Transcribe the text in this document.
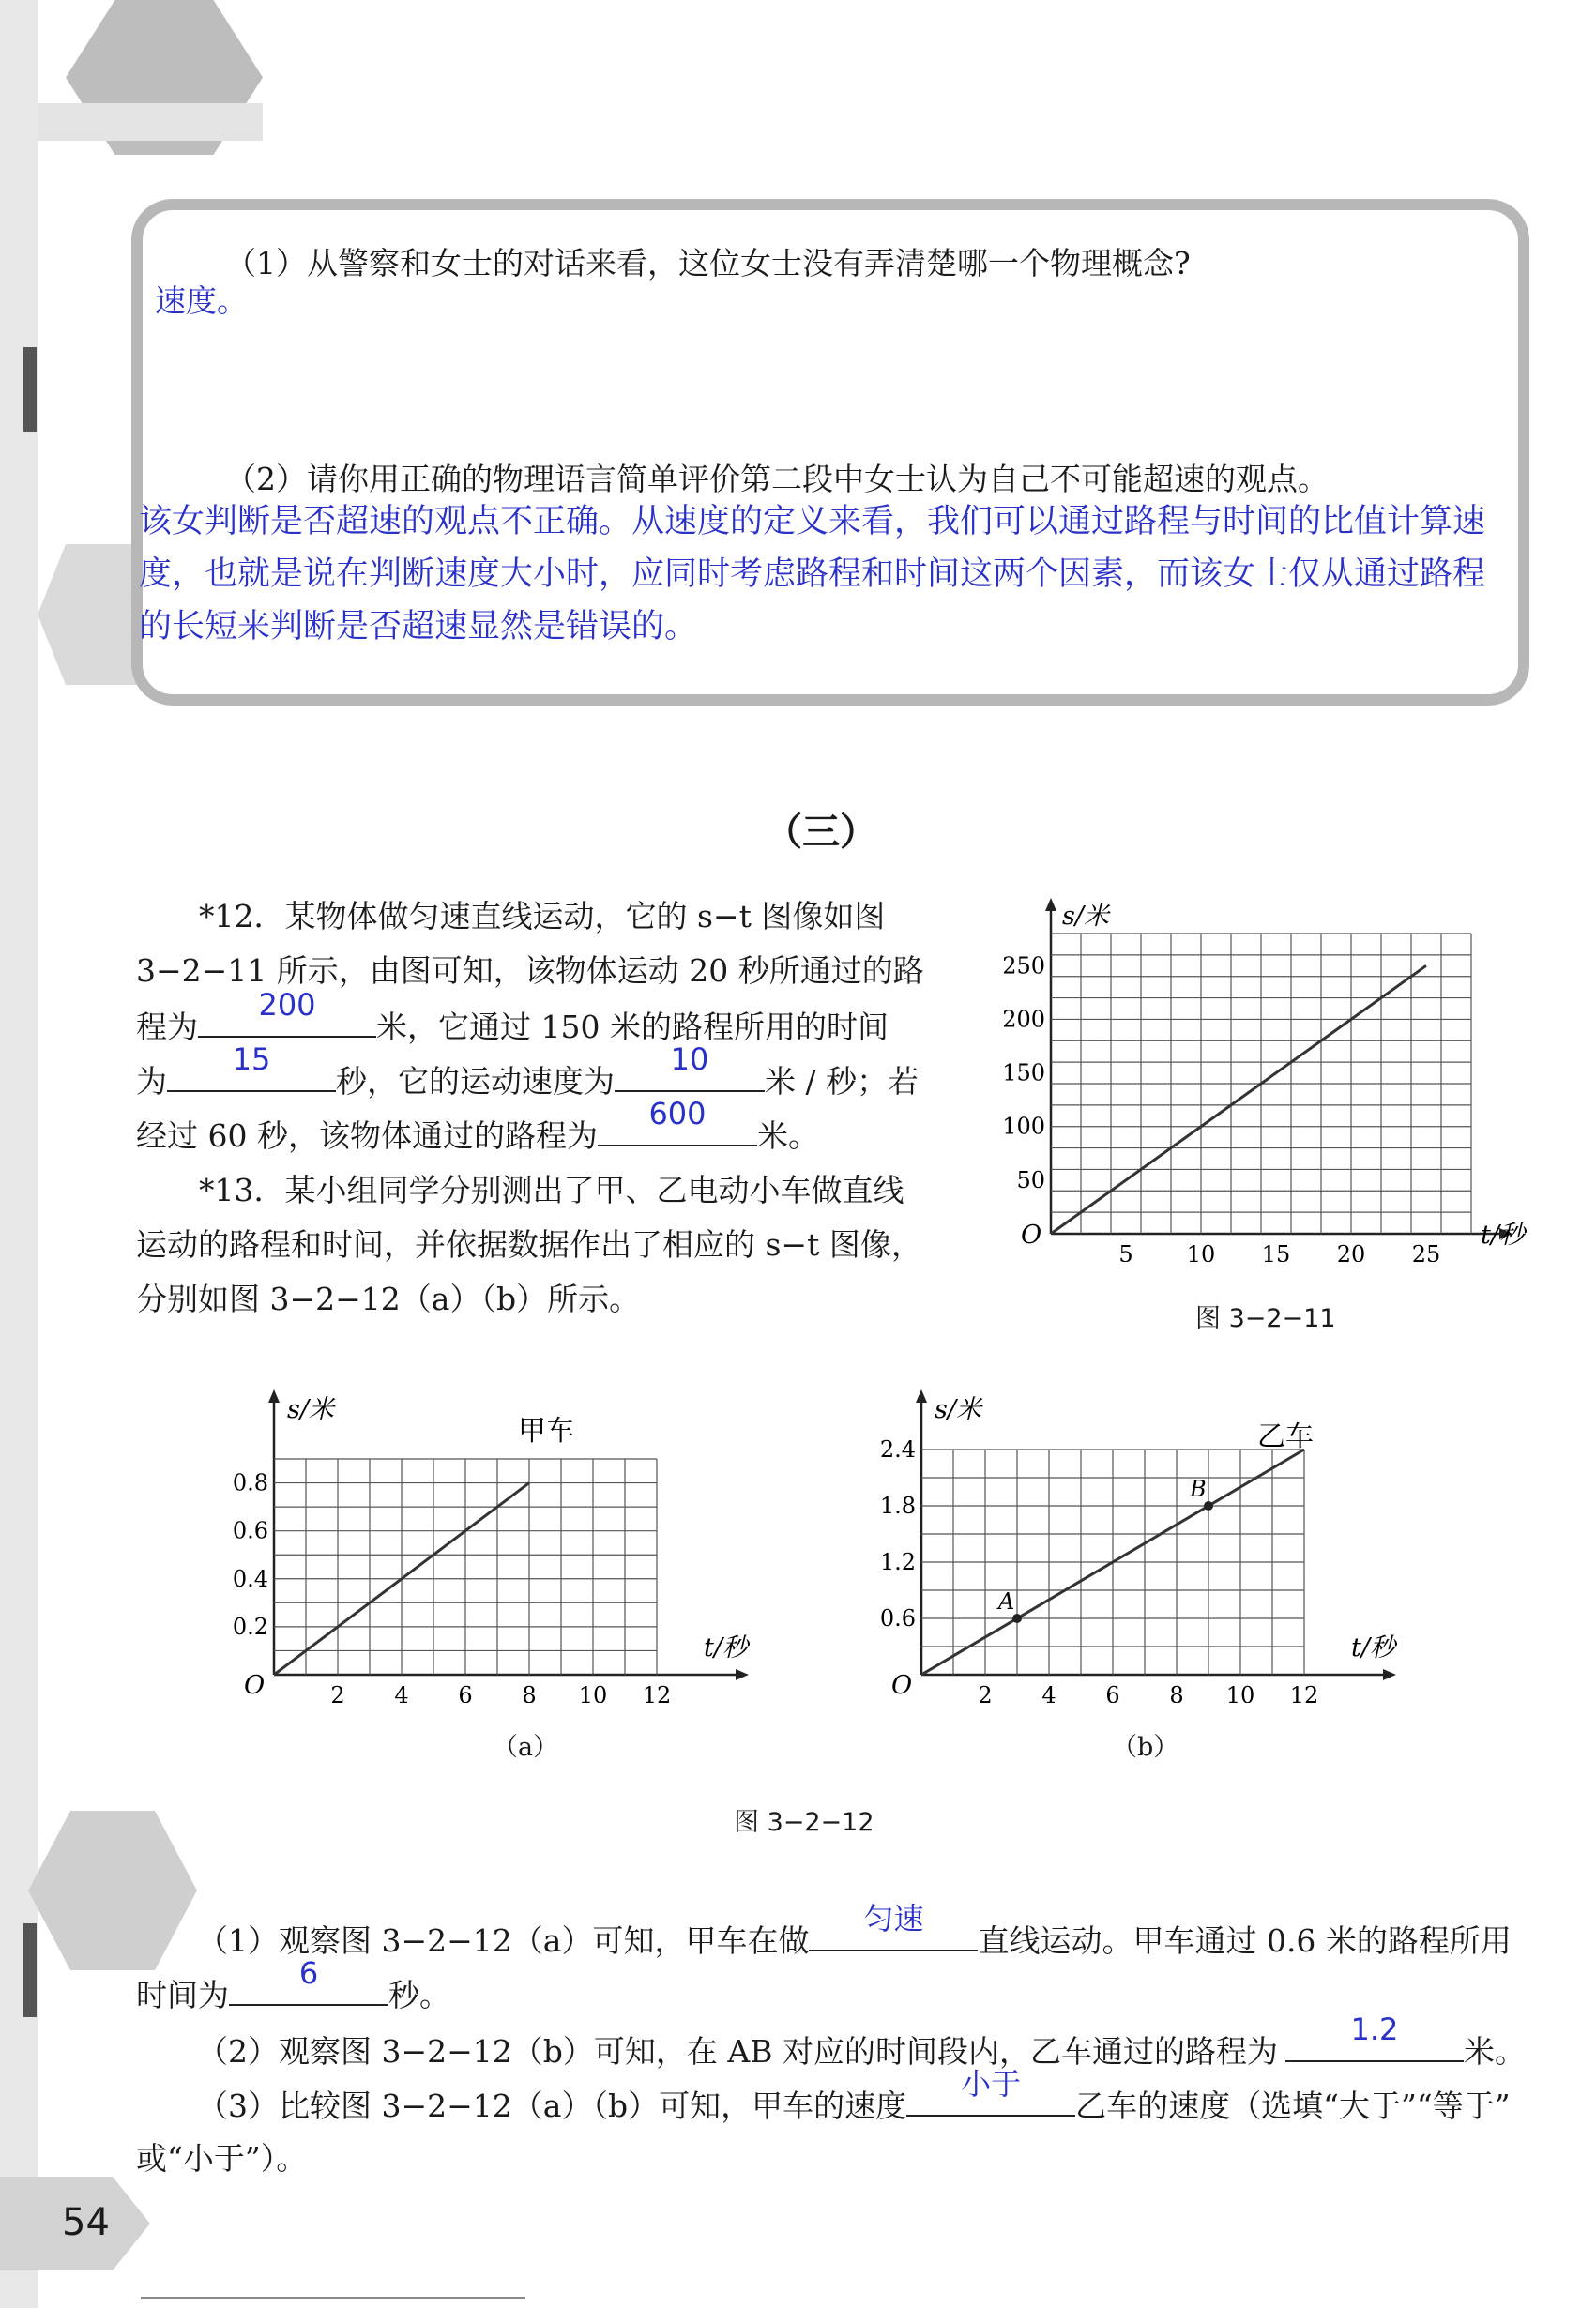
（1）从警察和女士的对话来看，这位女士没有弄清楚哪一个物理概念?
速度。
（2）请你用正确的物理语言简单评价第二段中女士认为自己不可能超速的观点。
该女判断是否超速的观点不正确。从速度的定义来看，我们可以通过路程与时间的比值计算速度，也就是说在判断速度大小时，应同时考虑路程和时间这两个因素，而该女士仅从通过路程的长短来判断是否超速显然是错误的。
（三）
*12．某物体做匀速直线运动，它的 s−t 图像如图
3−2−11 所示，由图可知，该物体运动 20 秒所通过的路
程为
200
米，它通过 150 米的路程所用的时间
为
15
秒，它的运动速度为
10
米 / 秒；若
经过 60 秒，该物体通过的路程为
600
米。
*13．某小组同学分别测出了甲、乙电动小车做直线
运动的路程和时间，并依据数据作出了相应的 s−t 图像，
分别如图 3−2−12（a）（b）所示。
s/米
t/秒
O
50
100
150
200
250
5 10 15 20 25
图 3−2−11
s/米
t/秒
O
甲车
0.2
0.4
0.6
0.8
2 4 6 8 10 12
（a）
s/米
t/秒
O
乙车
0.6
1.2
1.8
2.4
2 4 6 8 10 12
A
B
（b）
图 3−2−12
（1）观察图 3−2−12（a）可知，甲车在做
匀速
直线运动。甲车通过 0.6 米的路程所用
时间为
6
秒。
（2）观察图 3−2−12（b）可知，在 AB 对应的时间段内，乙车通过的路程为
1.2
米。
（3）比较图 3−2−12（a）（b）可知，甲车的速度
小于
乙车的速度（选填“大于”“等于”
或“小于”）。
54
